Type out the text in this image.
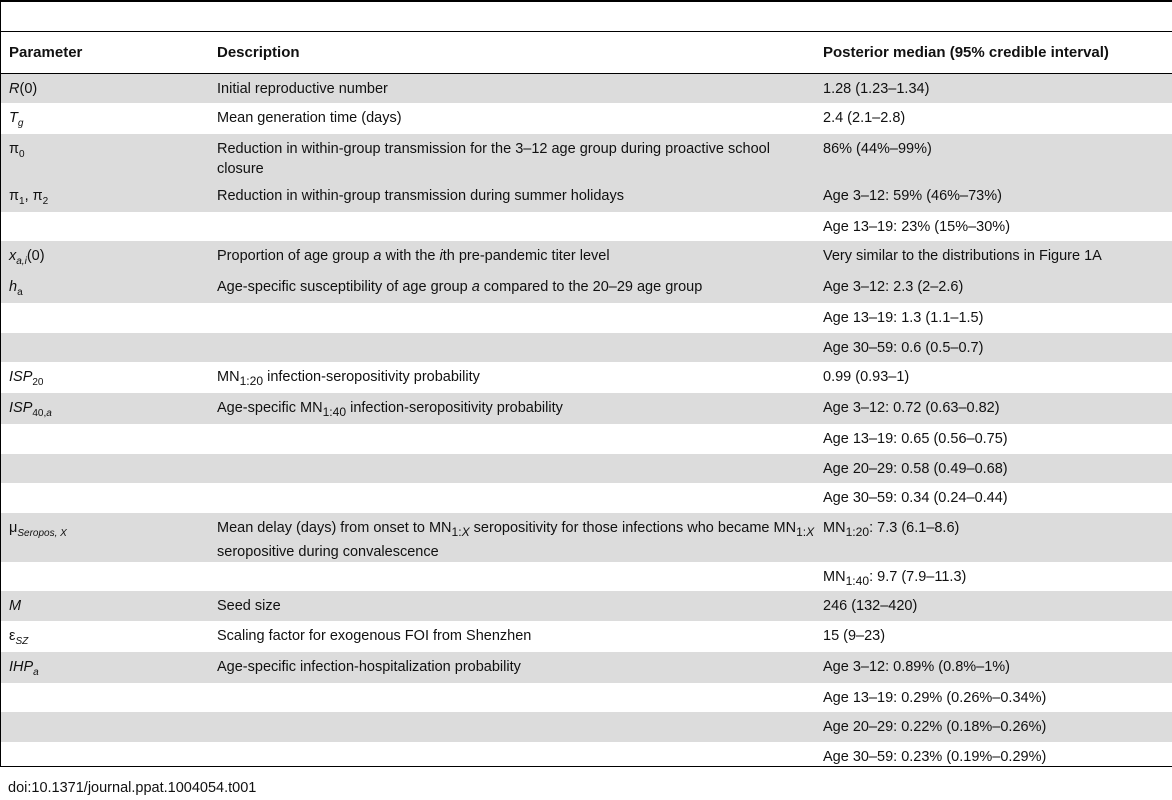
Parameter	Description	Posterior median (95% credible interval)
R(0)	Initial reproductive number	1.28 (1.23–1.34)
$T_g$	Mean generation time (days)	2.4 (2.1–2.8)
$\pi_0$	Reduction in within-group transmission for the 3–12 age group during proactive school closure	86% (44%–99%)
$\pi_1$, $\pi_2$	Reduction in within-group transmission during summer holidays	Age 3–12: 59% (46%–73%)
		Age 13–19: 23% (15%–30%)
$x_{a,i}(0)$	Proportion of age group a with the ith pre-pandemic titer level	Very similar to the distributions in Figure 1A
$h_a$	Age-specific susceptibility of age group a compared to the 20–29 age group	Age 3–12: 2.3 (2–2.6)
		Age 13–19: 1.3 (1.1–1.5)
		Age 30–59: 0.6 (0.5–0.7)
$ISP_{20}$	$MN_{1:20}$ infection-seropositivity probability	0.99 (0.93–1)
$ISP_{40,a}$	Age-specific $MN_{1:40}$ infection-seropositivity probability	Age 3–12: 0.72 (0.63–0.82)
		Age 13–19: 0.65 (0.56–0.75)
		Age 20–29: 0.58 (0.49–0.68)
		Age 30–59: 0.34 (0.24–0.44)
$\mu_{Seropos, X}$	Mean delay (days) from onset to $MN_{1:X}$ seropositivity for those infections who became $MN_{1:X}$ seropositive during convalescence	$MN_{1:20}$: 7.3 (6.1–8.6)
		$MN_{1:40}$: 9.7 (7.9–11.3)
M	Seed size	246 (132–420)
$\varepsilon_{SZ}$	Scaling factor for exogenous FOI from Shenzhen	15 (9–23)
$IHP_a$	Age-specific infection-hospitalization probability	Age 3–12: 0.89% (0.8%–1%)
		Age 13–19: 0.29% (0.26%–0.34%)
		Age 20–29: 0.22% (0.18%–0.26%)
		Age 30–59: 0.23% (0.19%–0.29%)
doi:10.1371/journal.ppat.1004054.t001
